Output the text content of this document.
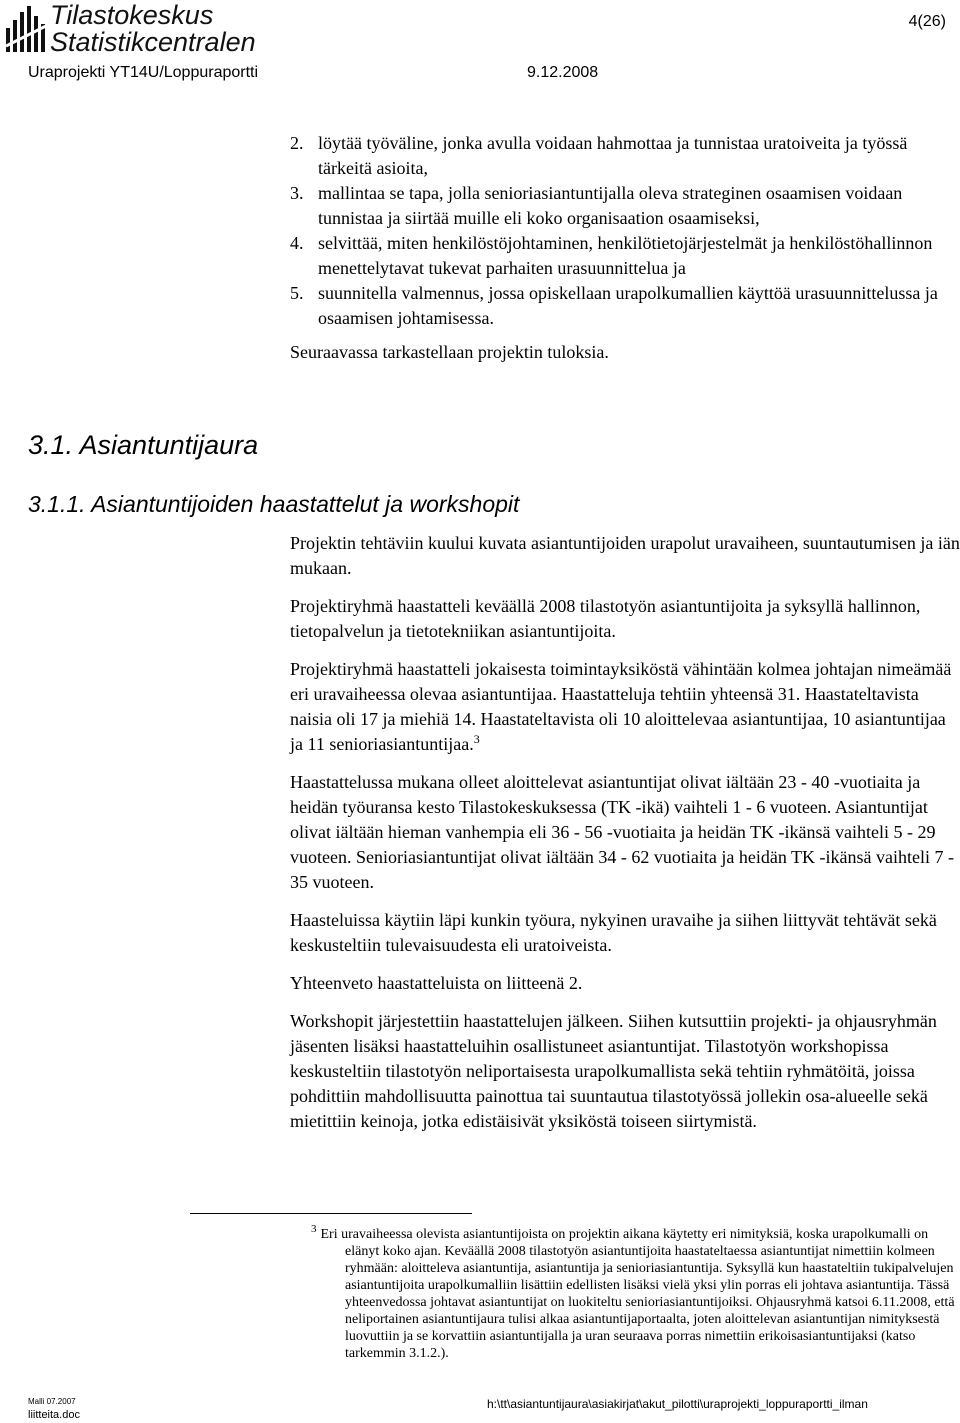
Tilastokeskus
Statistikcentralen
4(26)
Uraprojekti YT14U/Loppuraportti	9.12.2008
2. löytää työväline, jonka avulla voidaan hahmottaa ja tunnistaa uratoiveita ja työssä tärkeitä asioita,
3. mallintaa se tapa, jolla senioriasiantuntijalla oleva strateginen osaamisen voidaan tunnistaa ja siirtää muille eli koko organisaation osaamiseksi,
4. selvittää, miten henkilöstöjohtaminen, henkilötietojärjestelmät ja henkilöstöhallinnon menettelytavat tukevat parhaiten urasuunnittelua ja
5. suunnitella valmennus, jossa opiskellaan urapolkumallien käyttöä urasuunnittelussa ja osaamisen johtamisessa.
Seuraavassa tarkastellaan projektin tuloksia.
3.1. Asiantuntijaura
3.1.1. Asiantuntijoiden haastattelut ja workshopit

Projektin tehtäviin kuului kuvata asiantuntijoiden urapolut uravaiheen, suuntautumisen ja iän mukaan.

Projektiryhmä haastatteli keväällä 2008 tilastotyön asiantuntijoita ja syksyllä hallinnon, tietopalvelun ja tietotekniikan asiantuntijoita.

Projektiryhmä haastatteli jokaisesta toimintayksiköstä vähintään kolmea johtajan nimeämää eri uravaiheessa olevaa asiantuntijaa. Haastatteluja tehtiin yhteensä 31. Haastateltavista naisia oli 17 ja miehiä 14. Haastateltavista oli 10 aloittelevaa asiantuntijaa, 10 asiantuntijaa ja 11 senioriasiantuntijaa.$^3$

Haastattelussa mukana olleet aloittelevat asiantuntijat olivat iältään 23 - 40 -vuotiaita ja heidän työuransa kesto Tilastokeskuksessa (TK -ikä) vaihteli 1 - 6 vuoteen. Asiantuntijat olivat iältään hieman vanhempia eli 36 - 56 -vuotiaita ja heidän TK -ikänsä vaihteli 5 - 29 vuoteen. Senioriasiantuntijat olivat iältään 34 - 62 vuotiaita ja heidän TK -ikänsä vaihteli 7 - 35 vuoteen.

Haasteluissa käytiin läpi kunkin työura, nykyinen uravaihe ja siihen liittyvät tehtävät sekä keskusteltiin tulevaisuudesta eli uratoiveista.

Yhteenveto haastatteluista on liitteenä 2.

Workshopit järjestettiin haastattelujen jälkeen. Siihen kutsuttiin projekti- ja ohjausryhmän jäsenten lisäksi haastatteluihin osallistuneet asiantuntijat. Tilastotyön workshopissa keskusteltiin tilastotyön neliportaisesta urapolkumallista sekä tehtiin ryhmätöitä, joissa pohdittiin mahdollisuutta painottua tai suuntautua tilastotyössä jollekin osa-alueelle sekä mietittiin keinoja, jotka edistäisivät yksiköstä toiseen siirtymistä.

$^3$ Eri uravaiheessa olevista asiantuntijoista on projektin aikana käytetty eri nimityksiä, koska urapolkumalli on elänyt koko ajan. Keväällä 2008 tilastotyön asiantuntijoita haastateltaessa asiantuntijat nimettiin kolmeen ryhmään: aloitteleva asiantuntija, asiantuntija ja senioriasiantuntija. Syksyllä kun haastateltiin tukipalvelujen asiantuntijoita urapolkumalliin lisättiin edellisten lisäksi vielä yksi ylin porras eli johtava asiantuntija. Tässä yhteenvedossa johtavat asiantuntijat on luokiteltu senioriasiantuntijoiksi. Ohjausryhmä katsoi 6.11.2008, että neliportainen asiantuntijaura tulisi alkaa asiantuntijaportaalta, joten aloittelevan asiantuntijan nimityksestä luovuttiin ja se korvattiin asiantuntijalla ja uran seuraava porras nimettiin erikoisasiantuntijaksi (katso tarkemmin 3.1.2.).
Malli 07.2007
liitteita.doc
h:\tt\asiantuntijaura\asiakirjat\akut_pilotti\uraprojekti_loppuraportti_ilman
